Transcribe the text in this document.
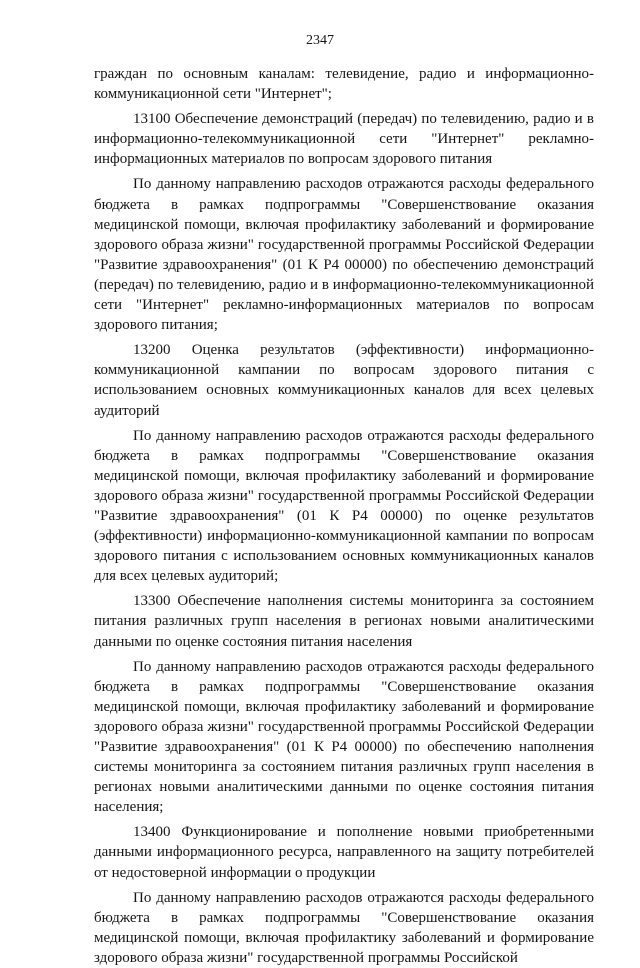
2347

граждан по основным каналам: телевидение, радио и информационно-коммуникационной сети "Интернет";

13100 Обеспечение демонстраций (передач) по телевидению, радио и в информационно-телекоммуникационной сети "Интернет" рекламно-информационных материалов по вопросам здорового питания

По данному направлению расходов отражаются расходы федерального бюджета в рамках подпрограммы "Совершенствование оказания медицинской помощи, включая профилактику заболеваний и формирование здорового образа жизни" государственной программы Российской Федерации "Развитие здравоохранения" (01 К Р4 00000) по обеспечению демонстраций (передач) по телевидению, радио и в информационно-телекоммуникационной сети "Интернет" рекламно-информационных материалов по вопросам здорового питания;

13200 Оценка результатов (эффективности) информационно-коммуникационной кампании по вопросам здорового питания с использованием основных коммуникационных каналов для всех целевых аудиторий

По данному направлению расходов отражаются расходы федерального бюджета в рамках подпрограммы "Совершенствование оказания медицинской помощи, включая профилактику заболеваний и формирование здорового образа жизни" государственной программы Российской Федерации "Развитие здравоохранения" (01 К Р4 00000) по оценке результатов (эффективности) информационно-коммуникационной кампании по вопросам здорового питания с использованием основных коммуникационных каналов для всех целевых аудиторий;

13300 Обеспечение наполнения системы мониторинга за состоянием питания различных групп населения в регионах новыми аналитическими данными по оценке состояния питания населения

По данному направлению расходов отражаются расходы федерального бюджета в рамках подпрограммы "Совершенствование оказания медицинской помощи, включая профилактику заболеваний и формирование здорового образа жизни" государственной программы Российской Федерации "Развитие здравоохранения" (01 К Р4 00000) по обеспечению наполнения системы мониторинга за состоянием питания различных групп населения в регионах новыми аналитическими данными по оценке состояния питания населения;

13400 Функционирование и пополнение новыми приобретенными данными информационного ресурса, направленного на защиту потребителей от недостоверной информации о продукции

По данному направлению расходов отражаются расходы федерального бюджета в рамках подпрограммы "Совершенствование оказания медицинской помощи, включая профилактику заболеваний и формирование здорового образа жизни" государственной программы Российской
